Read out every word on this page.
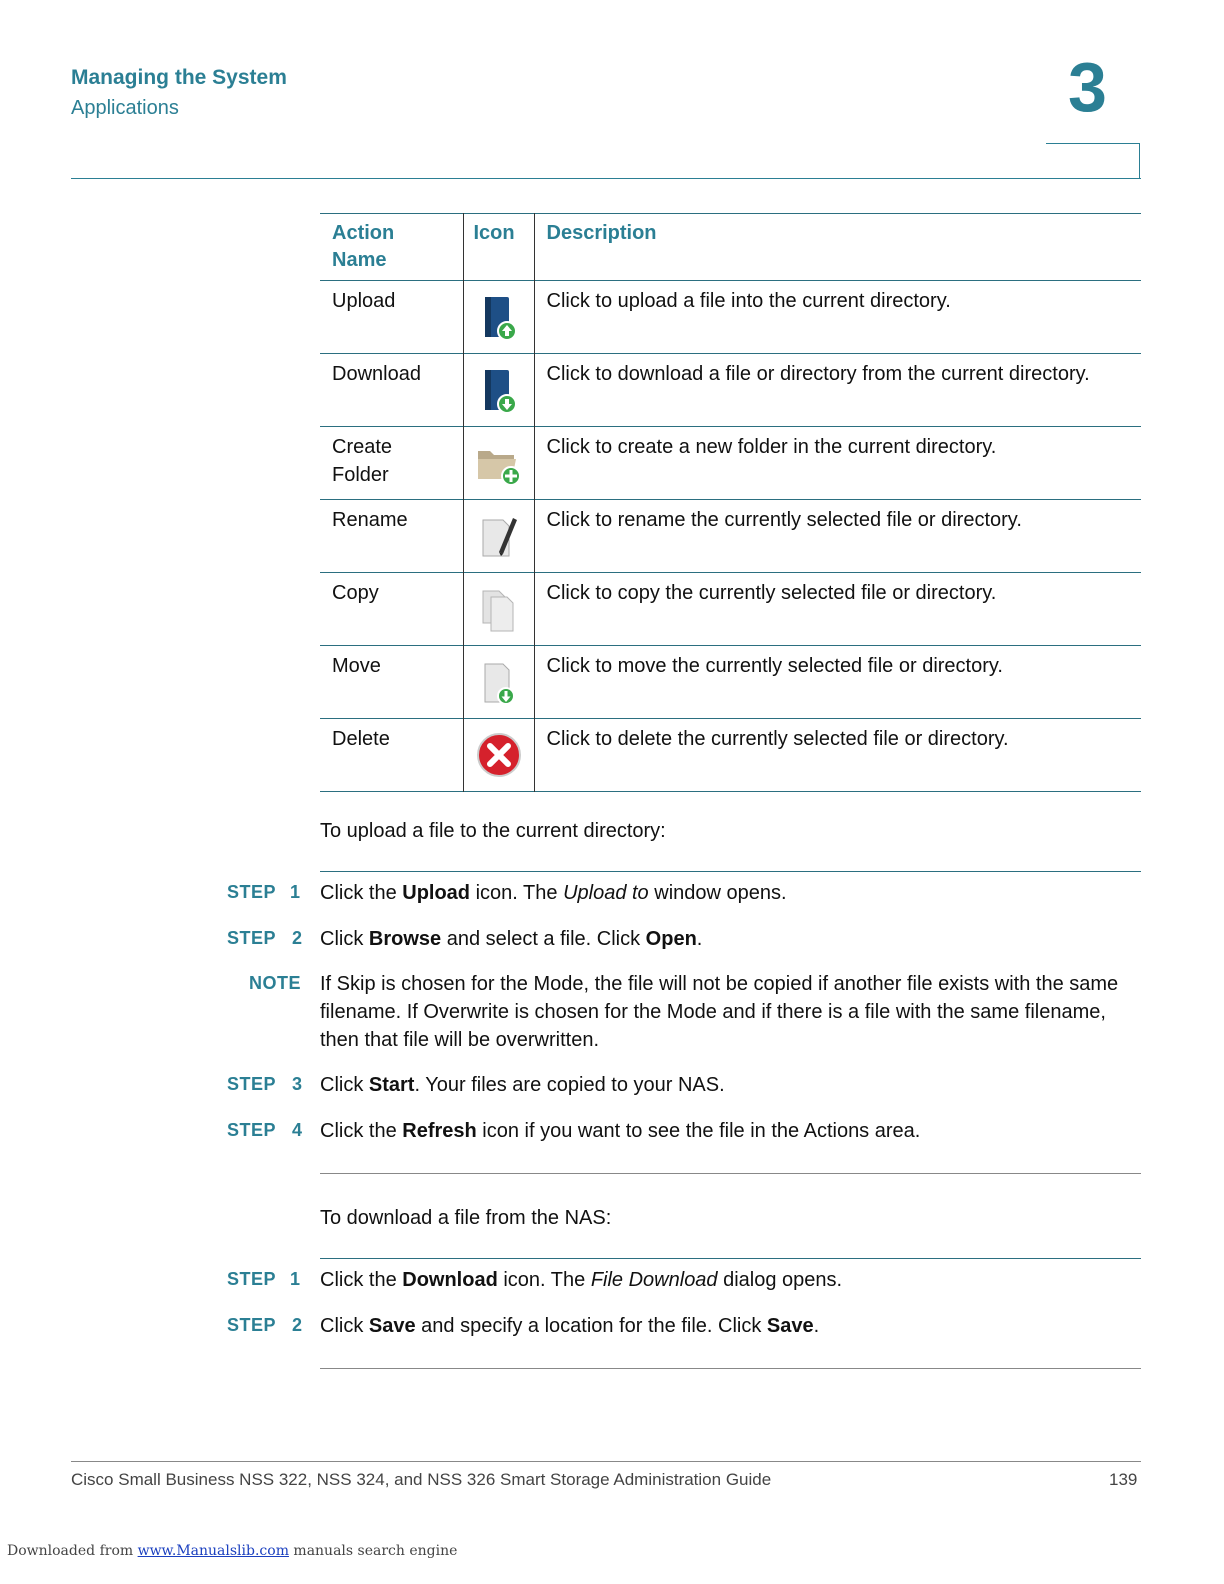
Managing the System
Applications	3
Action
Name	Icon	Description
Upload		Click to upload a file into the current directory.
Download		Click to download a file or directory from the current directory.
Create Folder		Click to create a new folder in the current directory.
Rename		Click to rename the currently selected file or directory.
Copy		Click to copy the currently selected file or directory.
Move		Click to move the currently selected file or directory.
Delete		Click to delete the currently selected file or directory.
To upload a file to the current directory:
STEP 1 Click the Upload icon. The Upload to window opens.
STEP 2 Click Browse and select a file. Click Open.
NOTE If Skip is chosen for the Mode, the file will not be copied if another file exists with the same filename. If Overwrite is chosen for the Mode and if there is a file with the same filename, then that file will be overwritten.
STEP 3 Click Start. Your files are copied to your NAS.
STEP 4 Click the Refresh icon if you want to see the file in the Actions area.
To download a file from the NAS:
STEP 1 Click the Download icon. The File Download dialog opens.
STEP 2 Click Save and specify a location for the file. Click Save.
Cisco Small Business NSS 322, NSS 324, and NSS 326 Smart Storage Administration Guide	139
Downloaded from www.Manualslib.com manuals search engine
